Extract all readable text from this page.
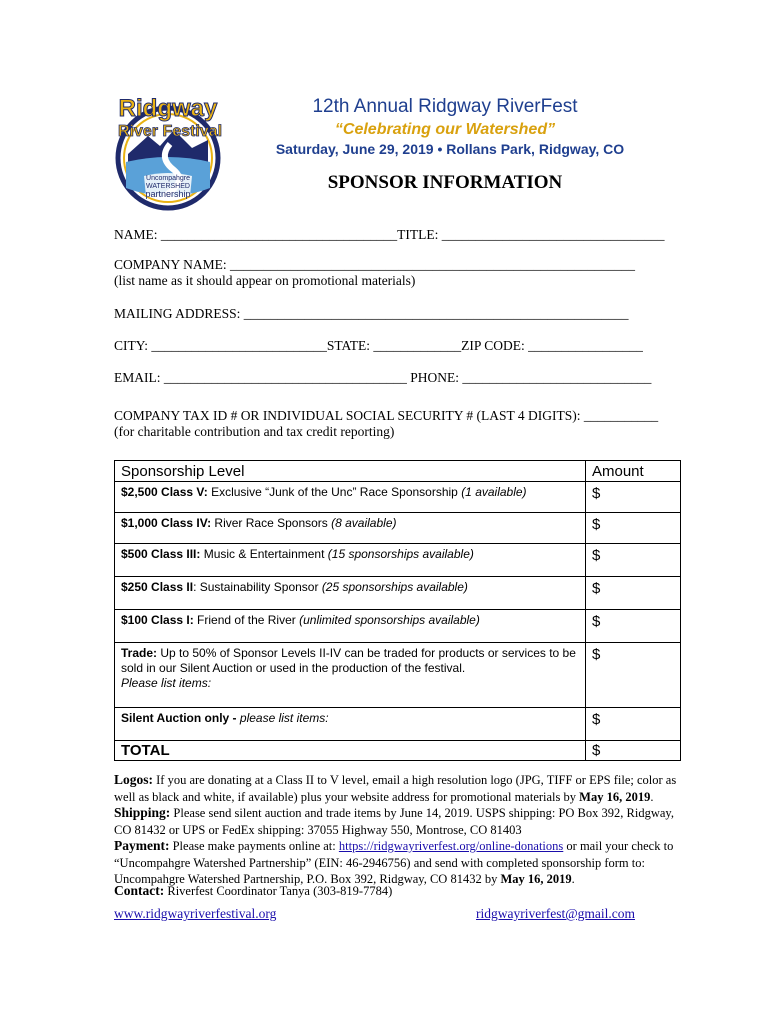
Uncompahgre
WATERSHED
partnership
Ridgway
River Festival
12th Annual Ridgway RiverFest
“Celebrating our Watershed”
Saturday, June 29, 2019 • Rollans Park, Ridgway, CO
SPONSOR INFORMATION
NAME: ___________________________________TITLE: _________________________________
COMPANY NAME: ____________________________________________________________
(list name as it should appear on promotional materials)
MAILING ADDRESS: _________________________________________________________
CITY: __________________________STATE: _____________ZIP CODE: _________________
EMAIL: ____________________________________ PHONE: ____________________________
COMPANY TAX ID # OR INDIVIDUAL SOCIAL SECURITY # (LAST 4 DIGITS): ___________
(for charitable contribution and tax credit reporting)
Sponsorship Level	Amount
$2,500 Class V: Exclusive “Junk of the Unc” Race Sponsorship (1 available)	$
$1,000 Class IV: River Race Sponsors (8 available)	$
$500 Class III: Music & Entertainment (15 sponsorships available)	$
$250 Class II: Sustainability Sponsor (25 sponsorships available)	$
$100 Class I: Friend of the River (unlimited sponsorships available)	$
Trade: Up to 50% of Sponsor Levels II-IV can be traded for products or services to be sold in our Silent Auction or used in the production of the festival.
Please list items:	$
Silent Auction only - please list items:	$
TOTAL	$
Logos: If you are donating at a Class II to V level, email a high resolution logo (JPG, TIFF or EPS file; color as well as black and white, if available) plus your website address for promotional materials by May 16, 2019.
Shipping: Please send silent auction and trade items by June 14, 2019. USPS shipping: PO Box 392, Ridgway, CO 81432 or UPS or FedEx shipping: 37055 Highway 550, Montrose, CO 81403
Payment: Please make payments online at: https://ridgwayriverfest.org/online-donations or mail your check to “Uncompahgre Watershed Partnership” (EIN: 46-2946756) and send with completed sponsorship form to: Uncompahgre Watershed Partnership, P.O. Box 392, Ridgway, CO 81432 by May 16, 2019.
Contact: Riverfest Coordinator Tanya (303-819-7784)
www.ridgwayriverfestival.org	ridgwayriverfest@gmail.com
